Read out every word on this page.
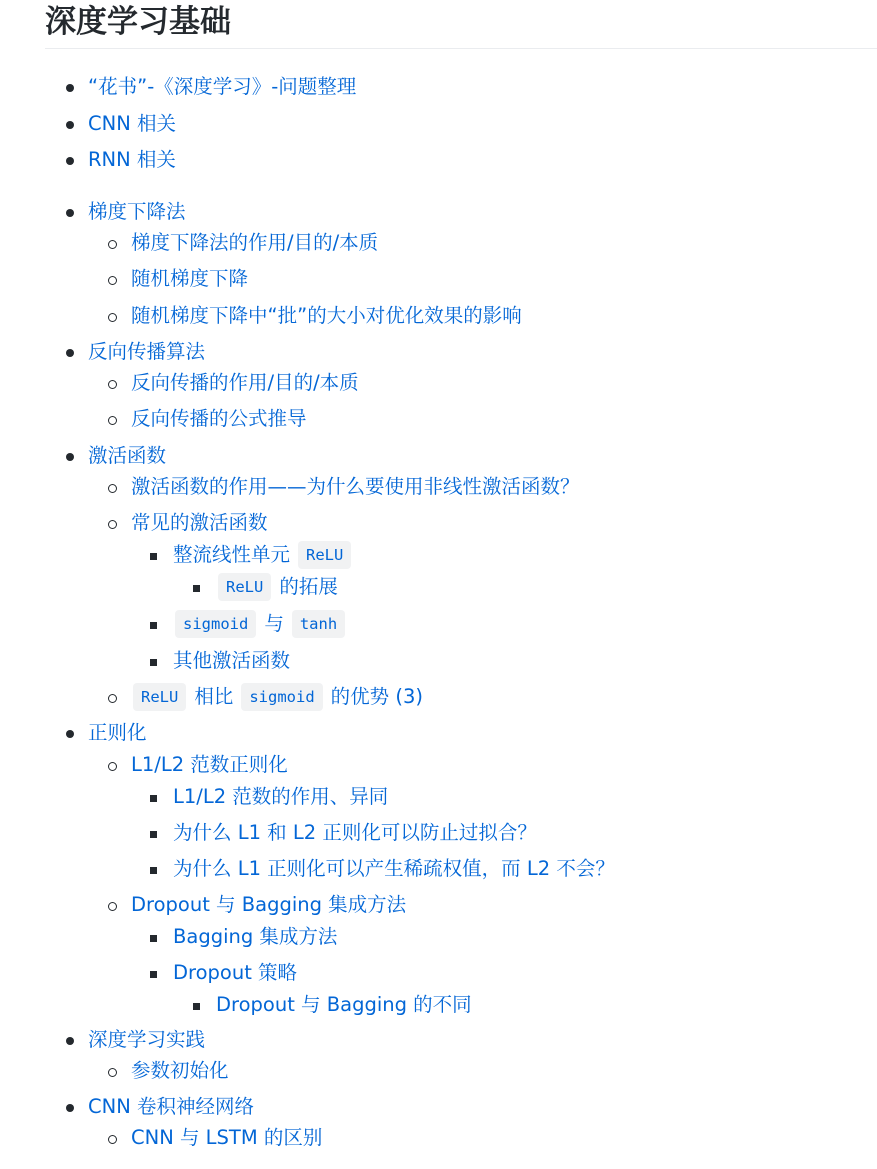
深度学习基础
“花书”-《深度学习》-问题整理
CNN 相关
RNN 相关
梯度下降法
梯度下降法的作用/目的/本质
随机梯度下降
随机梯度下降中“批”的大小对优化效果的影响
反向传播算法
反向传播的作用/目的/本质
反向传播的公式推导
激活函数
激活函数的作用——为什么要使用非线性激活函数？
常见的激活函数
整流线性单元	ReLU
ReLU 的拓展
sigmoid 与	tanh
其他激活函数
ReLU 相比	sigmoid 的优势 (3)
正则化
L1/L2 范数正则化
L1/L2 范数的作用、异同
为什么 L1 和 L2 正则化可以防止过拟合？
为什么 L1 正则化可以产生稀疏权值，而 L2 不会？
Dropout 与 Bagging 集成方法
Bagging 集成方法
Dropout 策略
Dropout 与 Bagging 的不同
深度学习实践
参数初始化
CNN 卷积神经网络
CNN 与 LSTM 的区别
